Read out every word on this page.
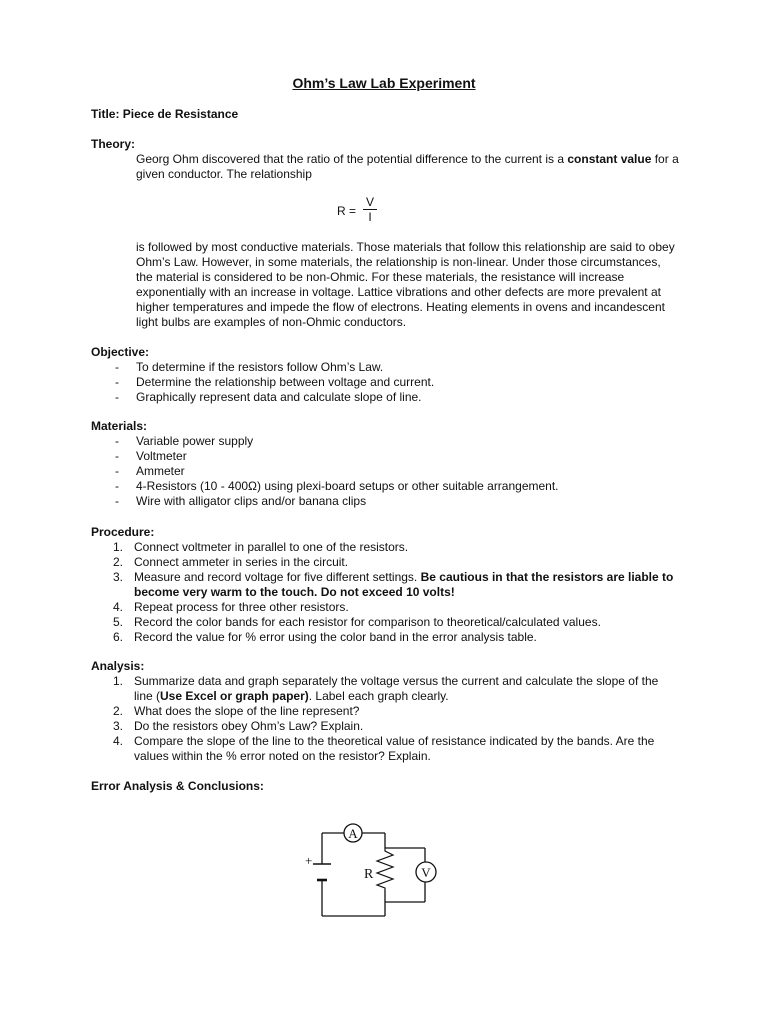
Ohm’s Law Lab Experiment
Title: Piece de Resistance
Theory:
Georg Ohm discovered that the ratio of the potential difference to the current is a constant value for a given conductor. The relationship
$R = \frac{V}{I}$
is followed by most conductive materials. Those materials that follow this relationship are said to obey Ohm’s Law. However, in some materials, the relationship is non-linear. Under those circumstances, the material is considered to be non-Ohmic. For these materials, the resistance will increase exponentially with an increase in voltage. Lattice vibrations and other defects are more prevalent at higher temperatures and impede the flow of electrons. Heating elements in ovens and incandescent light bulbs are examples of non-Ohmic conductors.
Objective:
- To determine if the resistors follow Ohm’s Law.
- Determine the relationship between voltage and current.
- Graphically represent data and calculate slope of line.
Materials:
- Variable power supply
- Voltmeter
- Ammeter
- 4-Resistors (10 - 400Ω) using plexi-board setups or other suitable arrangement.
- Wire with alligator clips and/or banana clips
Procedure:
1. Connect voltmeter in parallel to one of the resistors.
2. Connect ammeter in series in the circuit.
3. Measure and record voltage for five different settings. Be cautious in that the resistors are liable to become very warm to the touch. Do not exceed 10 volts!
4. Repeat process for three other resistors.
5. Record the color bands for each resistor for comparison to theoretical/calculated values.
6. Record the value for % error using the color band in the error analysis table.
Analysis:
1. Summarize data and graph separately the voltage versus the current and calculate the slope of the line (Use Excel or graph paper). Label each graph clearly.
2. What does the slope of the line represent?
3. Do the resistors obey Ohm’s Law? Explain.
4. Compare the slope of the line to the theoretical value of resistance indicated by the bands. Are the values within the % error noted on the resistor? Explain.
Error Analysis & Conclusions:
+
A
R	V
